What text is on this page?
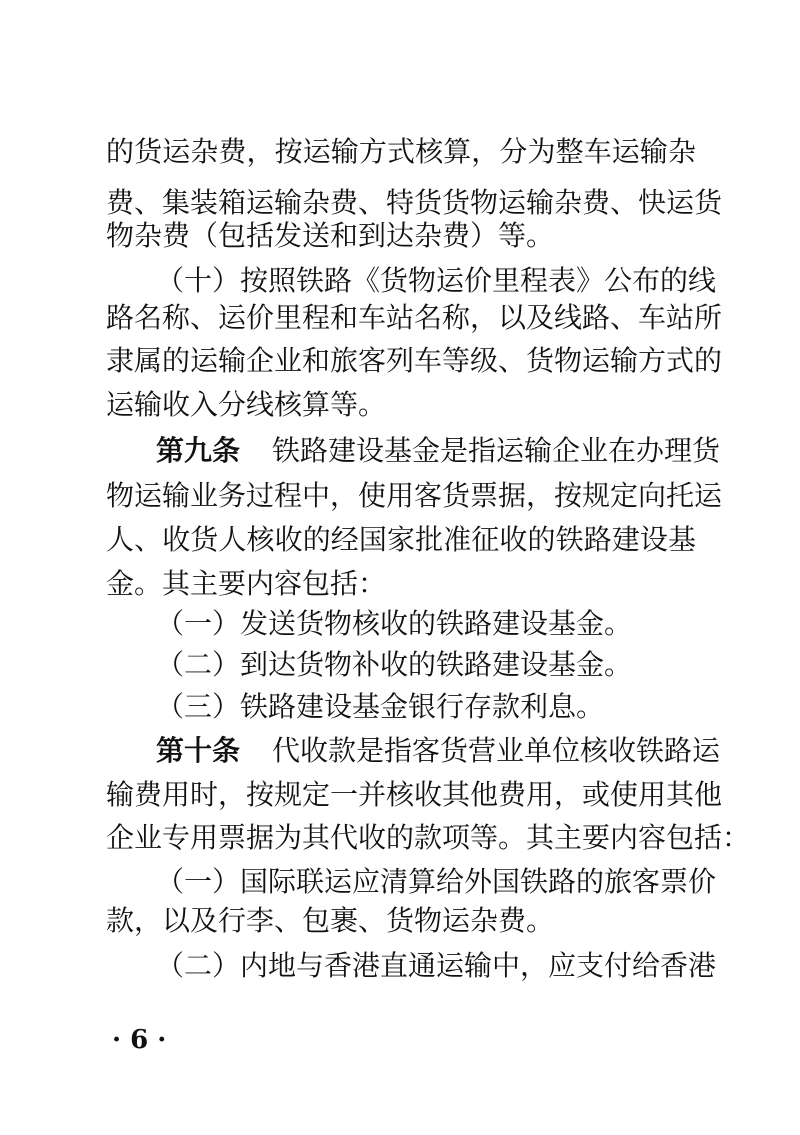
的货运杂费，按运输方式核算，分为整车运输杂
费、集装箱运输杂费、特货货物运输杂费、快运货
物杂费（包括发送和到达杂费）等。
（十）按照铁路《货物运价里程表》公布的线
路名称、运价里程和车站名称，以及线路、车站所
隶属的运输企业和旅客列车等级、货物运输方式的
运输收入分线核算等。
第九条 铁路建设基金是指运输企业在办理货
物运输业务过程中，使用客货票据，按规定向托运
人、收货人核收的经国家批准征收的铁路建设基
金。其主要内容包括：
（一）发送货物核收的铁路建设基金。
（二）到达货物补收的铁路建设基金。
（三）铁路建设基金银行存款利息。
第十条 代收款是指客货营业单位核收铁路运
输费用时，按规定一并核收其他费用，或使用其他
企业专用票据为其代收的款项等。其主要内容包括：
（一）国际联运应清算给外国铁路的旅客票价
款，以及行李、包裹、货物运杂费。
（二）内地与香港直通运输中，应支付给香港
· 6 ·
